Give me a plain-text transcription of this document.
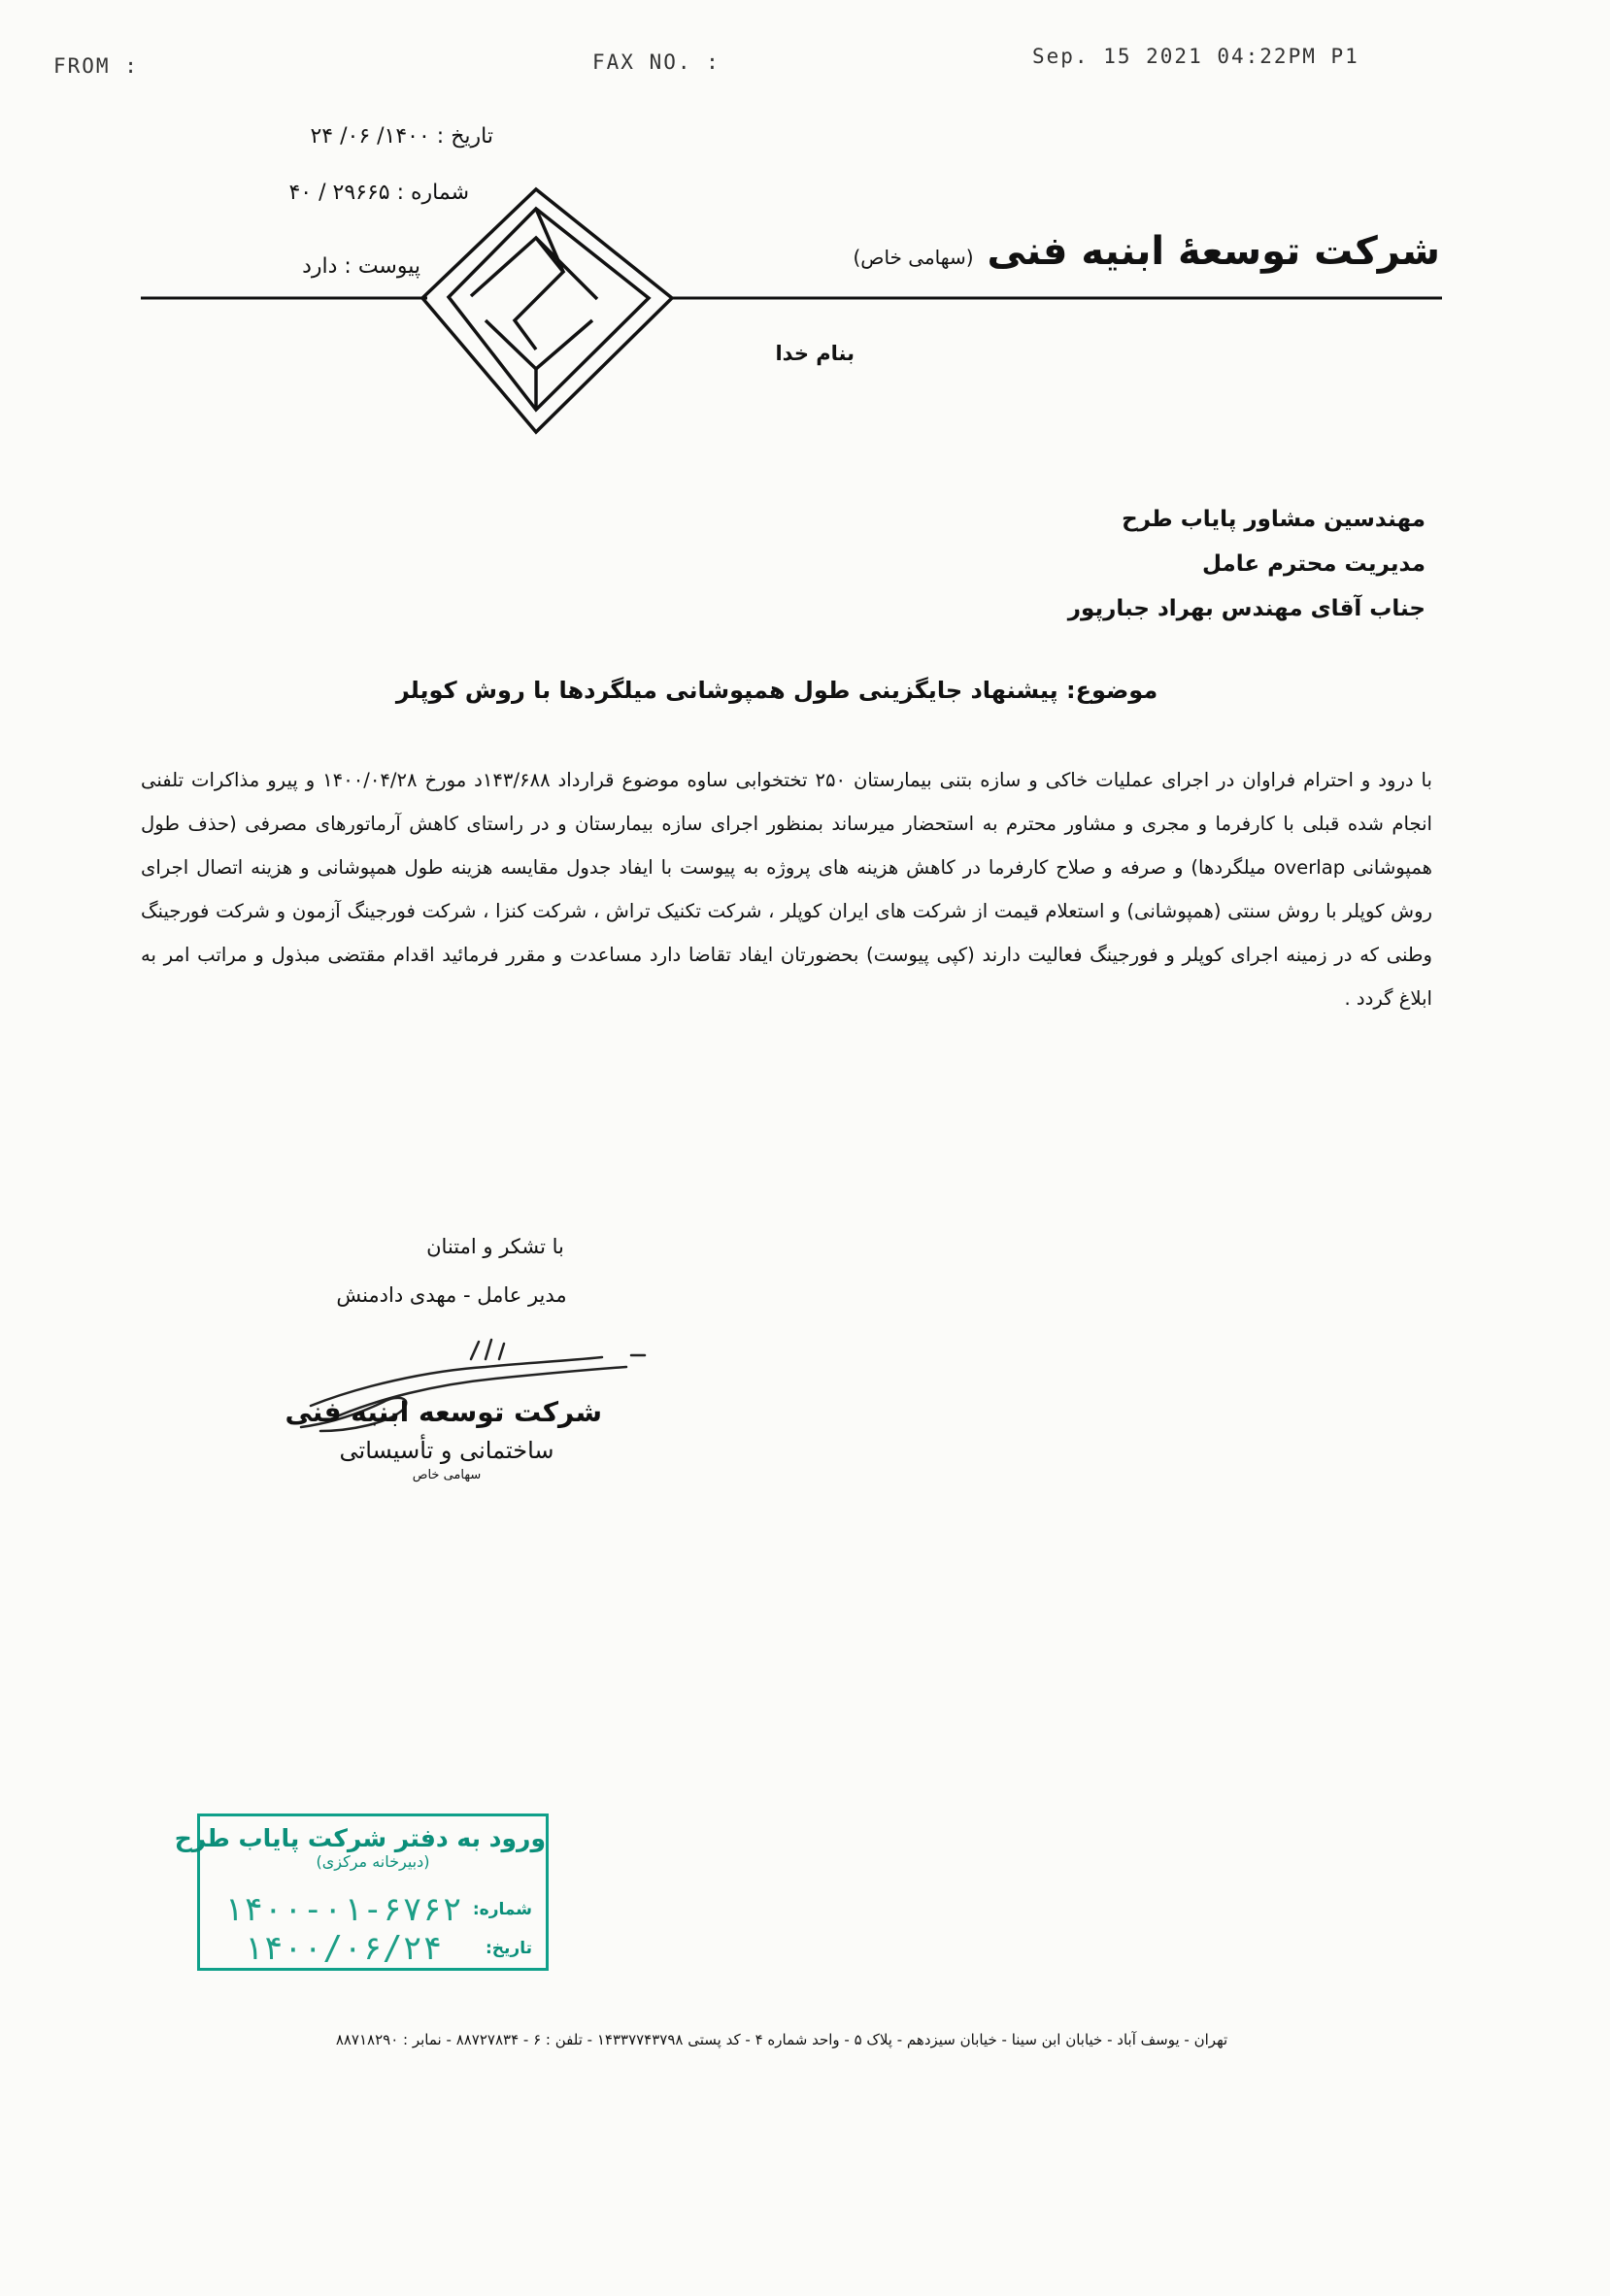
FROM :	FAX NO. :	Sep. 15 2021 04:22PM P1
تاریخ : ۱۴۰۰/ ۰۶/ ۲۴
شماره : ۲۹۶۶۵ / ۴۰
پیوست : دارد	شرکت توسعهٔ ابنیه فنی (سهامی خاص)
بنام خدا
مهندسین مشاور پایاب طرح
مدیریت محترم عامل
جناب آقای مهندس بهراد جبارپور
موضوع: پیشنهاد جایگزینی طول همپوشانی میلگردها با روش کوپلر
با درود و احترام فراوان در اجرای عملیات خاکی و سازه بتنی بیمارستان ۲۵۰ تختخوابی ساوه موضوع قرارداد ۱۴۳/۶۸۸د مورخ ۱۴۰۰/۰۴/۲۸ و پیرو مذاکرات تلفنی انجام شده قبلی با کارفرما و مجری و مشاور محترم به استحضار میرساند بمنظور اجرای سازه بیمارستان و در راستای کاهش آرماتورهای مصرفی (حذف طول همپوشانی overlap میلگردها) و صرفه و صلاح کارفرما در کاهش هزینه های پروژه به پیوست با ایفاد جدول مقایسه هزینه طول همپوشانی و هزینه اتصال اجرای روش کوپلر با روش سنتی (همپوشانی) و استعلام قیمت از شرکت های ایران کوپلر ، شرکت تکنیک تراش ، شرکت کنزا ، شرکت فورجینگ آزمون و شرکت فورجینگ وطنی که در زمینه اجرای کوپلر و فورجینگ فعالیت دارند (کپی پیوست) بحضورتان ایفاد تقاضا دارد مساعدت و مقرر فرمائید اقدام مقتضی مبذول و مراتب امر به ابلاغ گردد .
با تشکر و امتنان
مدیر عامل - مهدی دادمنش
شرکت توسعه ابنیه فنی
ساختمانی و تأسیساتی
سهامی خاص
ورود به دفتر شرکت پایاب طرح
(دبیرخانه مرکزی)
شماره:
۱۴۰۰-۰۱-۶۷۶۲
تاریخ:
۱۴۰۰/۰۶/۲۴
تهران - یوسف آباد - خیابان ابن سینا - خیابان سیزدهم - پلاک ۵ - واحد شماره ۴ - کد پستی ۱۴۳۳۷۷۴۳۷۹۸ - تلفن : ۶ - ۸۸۷۲۷۸۳۴ - نمابر : ۸۸۷۱۸۲۹۰
